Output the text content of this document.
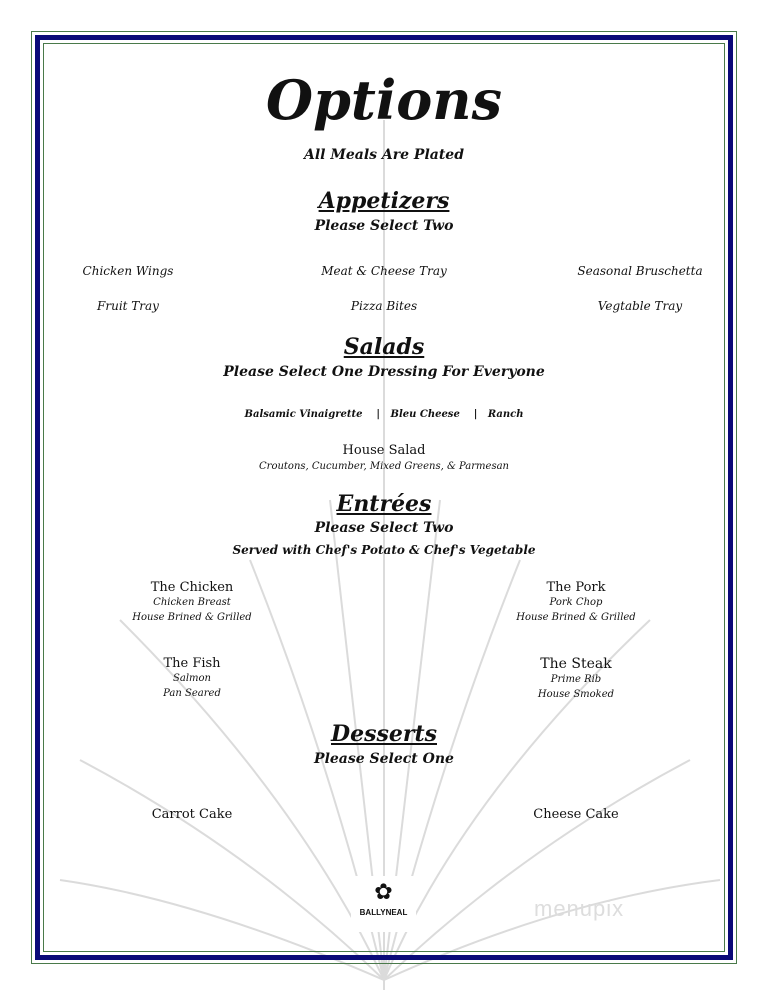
Options
All Meals Are Plated
Appetizers
Please Select Two
Chicken Wings	Meat & Cheese Tray	Seasonal Bruschetta
Fruit Tray	Pizza Bites	Vegtable Tray
Salads
Please Select One Dressing For Everyone
Balsamic Vinaigrette | Bleu Cheese | Ranch
House Salad
Croutons, Cucumber, Mixed Greens, & Parmesan
Entrées
Please Select Two
Served with Chef's Potato & Chef's Vegetable
The Chicken
Chicken Breast
House Brined & Grilled
The Pork
Pork Chop
House Brined & Grilled
The Fish
Salmon
Pan Seared
The Steak
Prime Rib
House Smoked
Desserts
Please Select One
Carrot Cake	Cheese Cake
✿
BALLYNEAL	menupix
